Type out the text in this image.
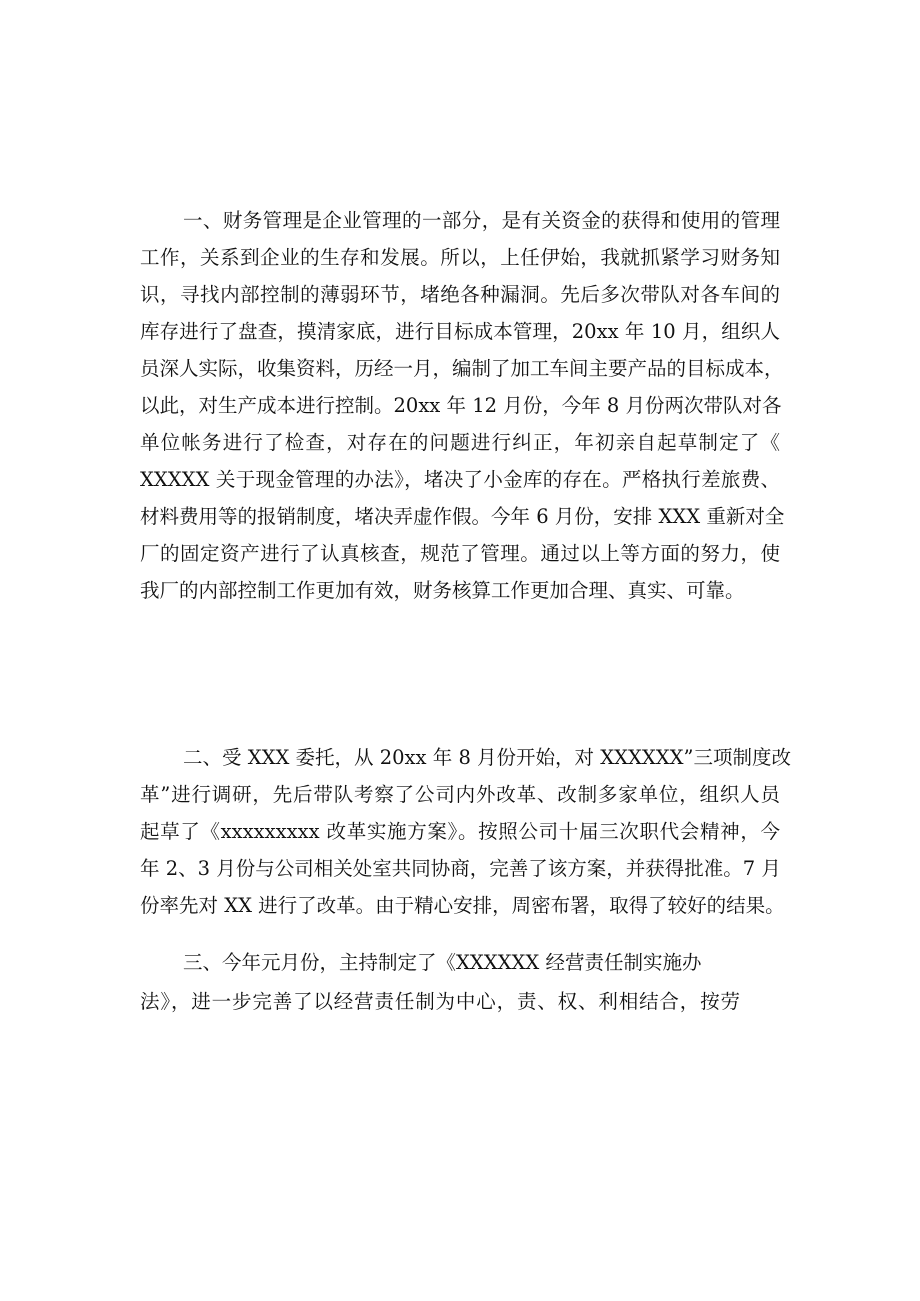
一、财务管理是企业管理的一部分，是有关资金的获得和使用的管理
工作，关系到企业的生存和发展。所以，上任伊始，我就抓紧学习财务知
识，寻找内部控制的薄弱环节，堵绝各种漏洞。先后多次带队对各车间的
库存进行了盘查，摸清家底，进行目标成本管理，20xx 年 10 月，组织人
员深人实际，收集资料，历经一月，编制了加工车间主要产品的目标成本，
以此，对生产成本进行控制。20xx 年 12 月份，今年 8 月份两次带队对各
单位帐务进行了检查，对存在的问题进行纠正，年初亲自起草制定了《
XXXXX 关于现金管理的办法》，堵决了小金库的存在。严格执行差旅费、
材料费用等的报销制度，堵决弄虚作假。今年 6 月份，安排 XXX 重新对全
厂的固定资产进行了认真核查，规范了管理。通过以上等方面的努力，使
我厂的内部控制工作更加有效，财务核算工作更加合理、真实、可靠。
二、受 XXX 委托，从 20xx 年 8 月份开始，对 XXXXXX”三项制度改
革”进行调研，先后带队考察了公司内外改革、改制多家单位，组织人员
起草了《xxxxxxxxx 改革实施方案》。按照公司十届三次职代会精神，今
年 2、3 月份与公司相关处室共同协商，完善了该方案，并获得批准。7 月
份率先对 XX 进行了改革。由于精心安排，周密布署，取得了较好的结果。
三、今年元月份，主持制定了《XXXXXX 经营责任制实施办
法》，进一步完善了以经营责任制为中心，责、权、利相结合，按劳
